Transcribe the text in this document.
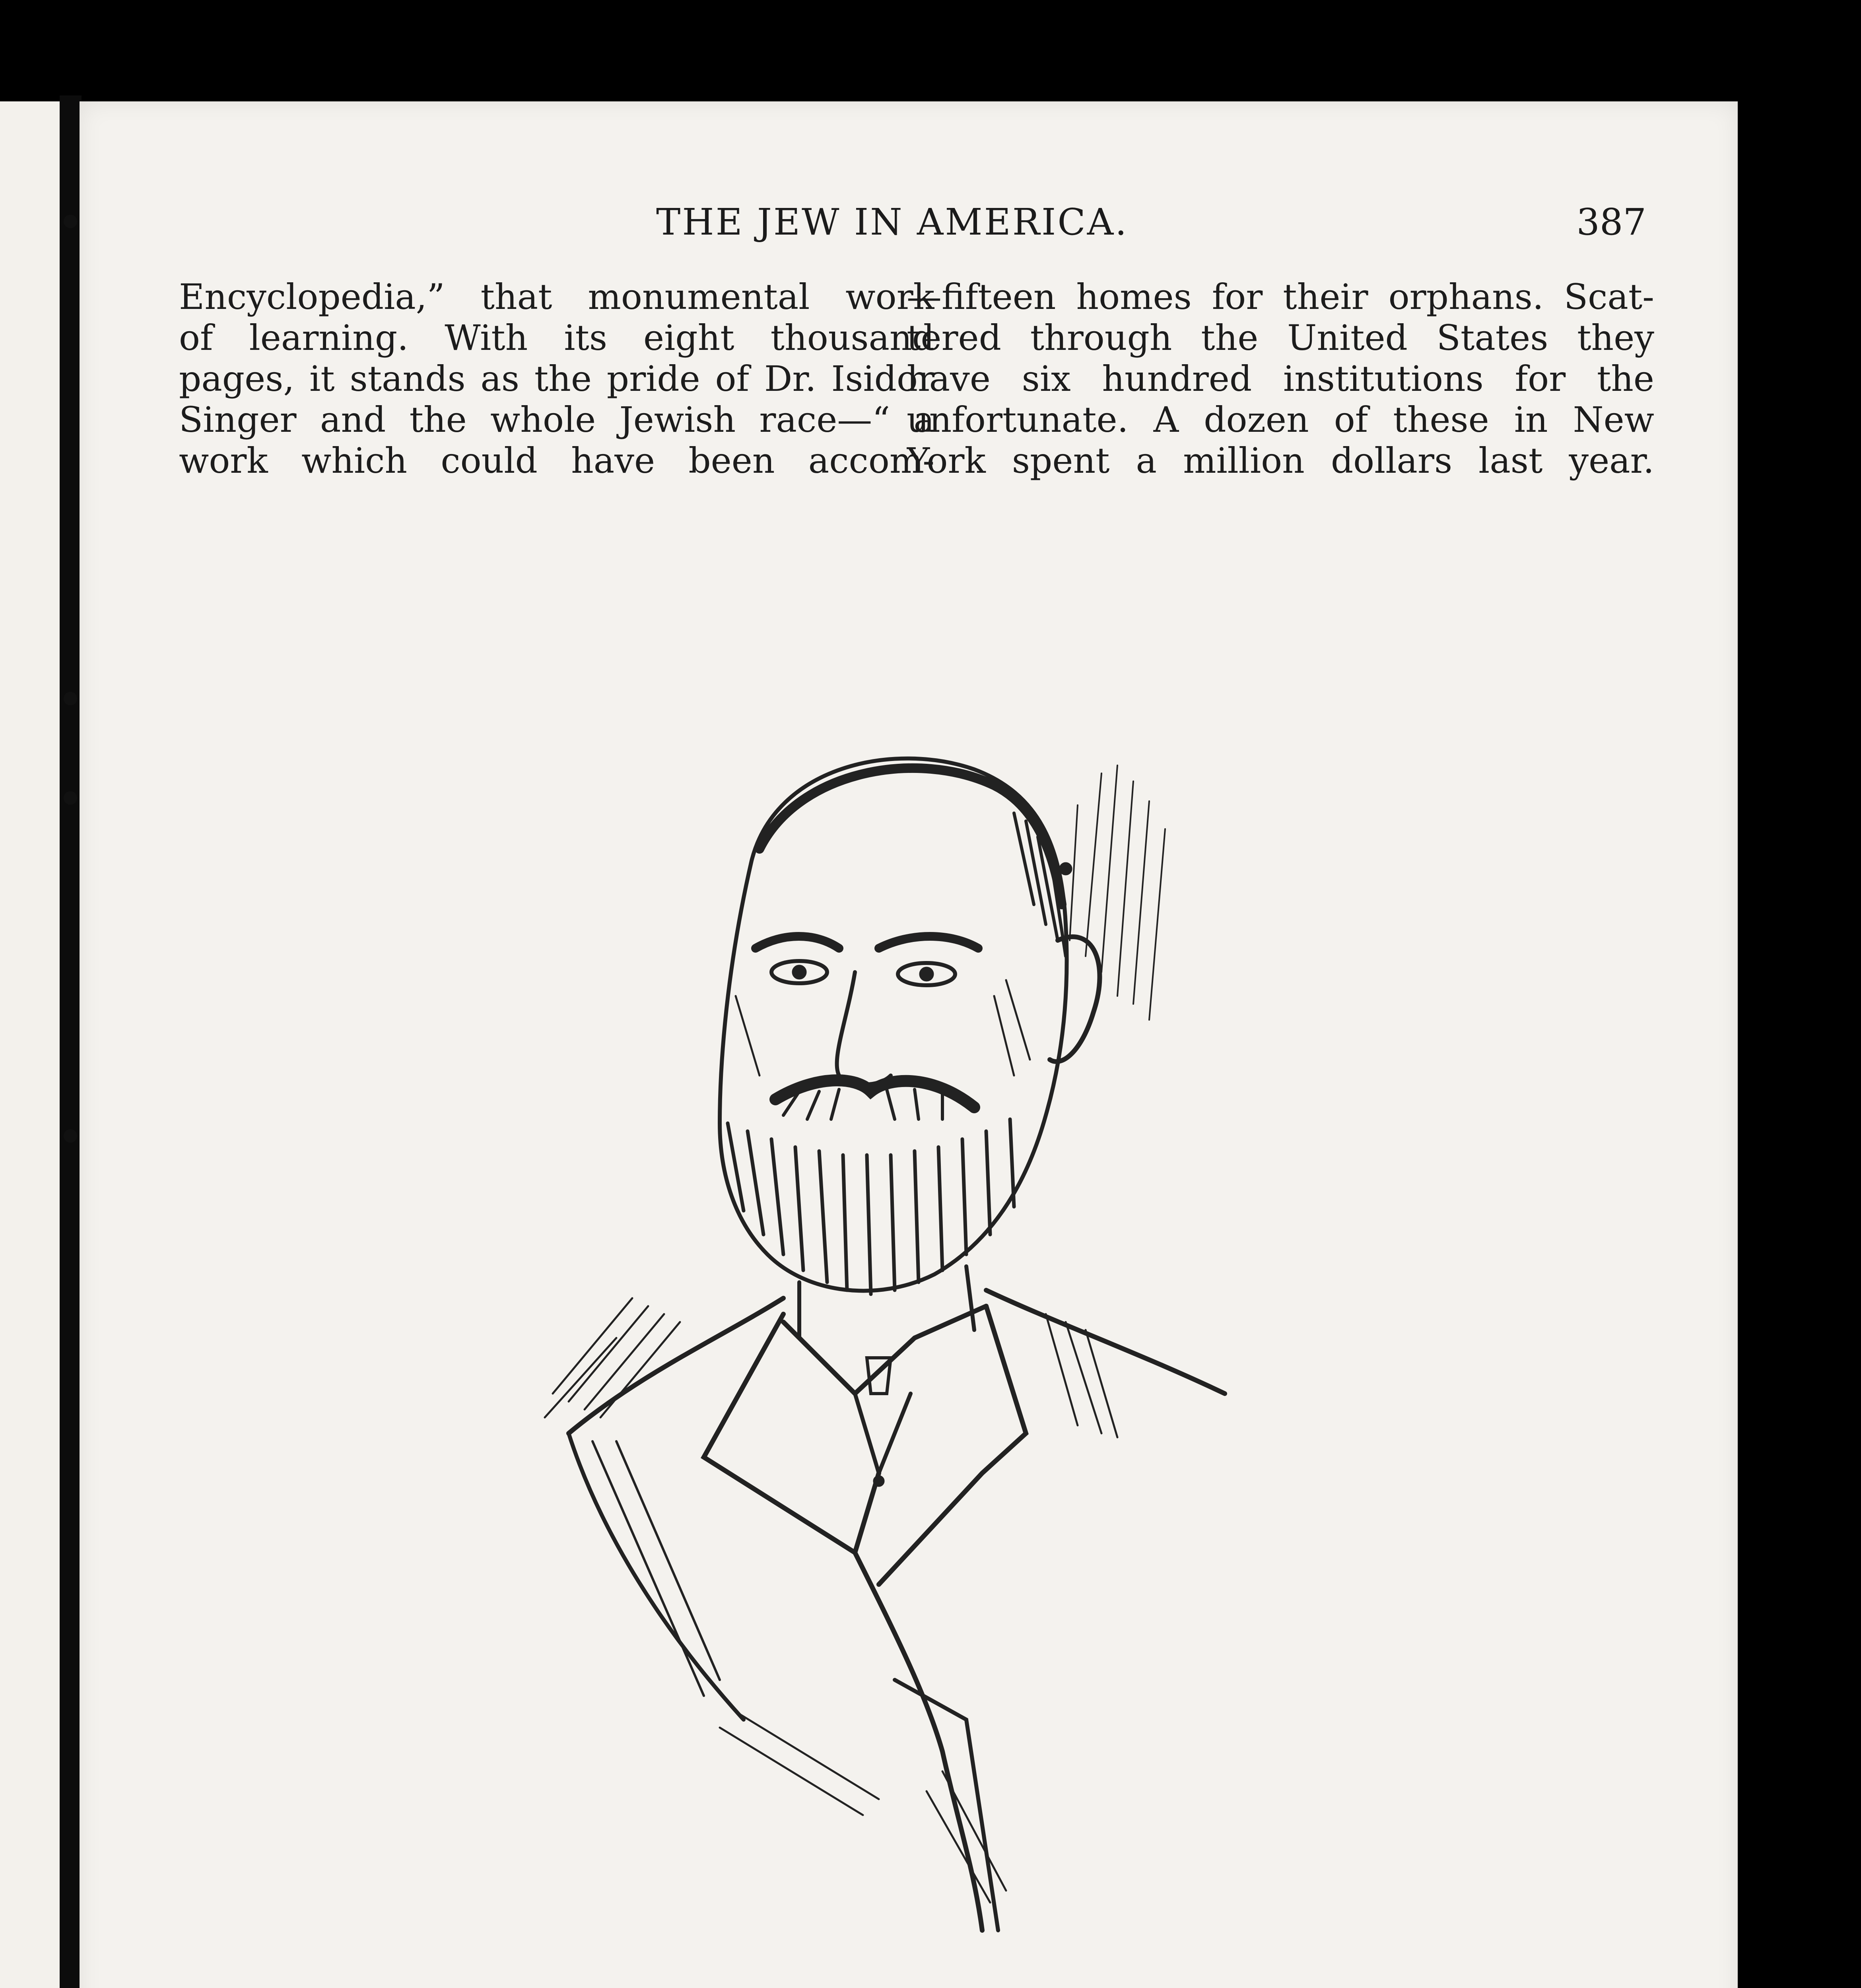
THE JEW IN AMERICA.	387
Encyclopedia,” that monumental work
of learning. With its eight thousand
pages, it stands as the pride of Dr. Isidor
Singer and the whole Jewish race—“ a
work which could have been accom-
—fifteen homes for their orphans. Scat-
tered through the United States they
have six hundred institutions for the
unfortunate. A dozen of these in New
York spent a million dollars last year.
